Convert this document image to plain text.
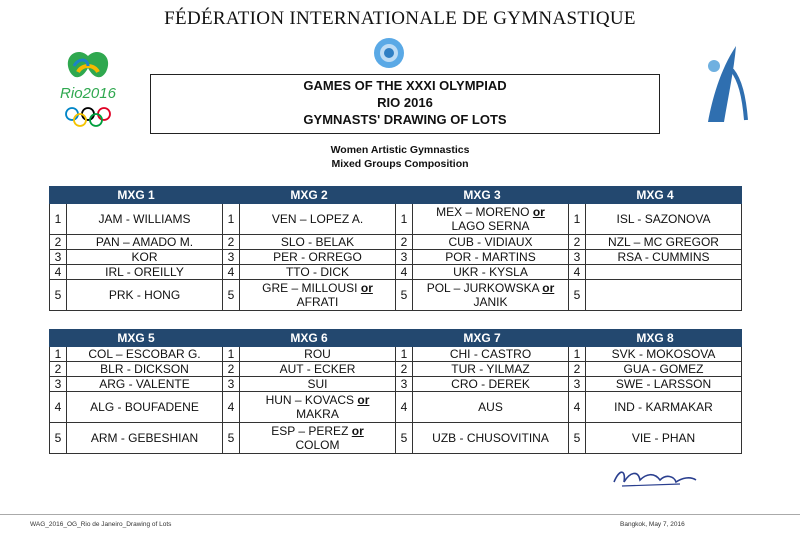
FÉDÉRATION INTERNATIONALE DE GYMNASTIQUE
Rio2016	GAMES OF THE XXXI OLYMPIAD
RIO 2016
GYMNASTS' DRAWING OF LOTS
Women Artistic Gymnastics
Mixed Groups Composition
MXG 1		MXG 2		MXG 3		MXG 4	
1	JAM - WILLIAMS	1	VEN – LOPEZ A.	1	MEX – MORENO or
LAGO SERNA	1	ISL - SAZONOVA
2	PAN – AMADO M.	2	SLO - BELAK	2	CUB - VIDIAUX	2	NZL – MC GREGOR
3	KOR	3	PER - ORREGO	3	POR - MARTINS	3	RSA - CUMMINS
4	IRL - OREILLY	4	TTO - DICK	4	UKR - KYSLA	4	
5	PRK - HONG	5	GRE – MILLOUSI or
AFRATI	5	POL – JURKOWSKA or
JANIK	5	
MXG 5		MXG 6		MXG 7		MXG 8	
1	COL – ESCOBAR G.	1	ROU	1	CHI - CASTRO	1	SVK - MOKOSOVA
2	BLR - DICKSON	2	AUT - ECKER	2	TUR - YILMAZ	2	GUA - GOMEZ
3	ARG - VALENTE	3	SUI	3	CRO - DEREK	3	SWE - LARSSON
4	ALG - BOUFADENE	4	HUN – KOVACS or
MAKRA	4	AUS	4	IND - KARMAKAR
5	ARM - GEBESHIAN	5	ESP – PEREZ or
COLOM	5	UZB - CHUSOVITINA	5	VIE - PHAN
WAG_2016_OG_Rio de Janeiro_Drawing of Lots	Bangkok, May 7, 2016
